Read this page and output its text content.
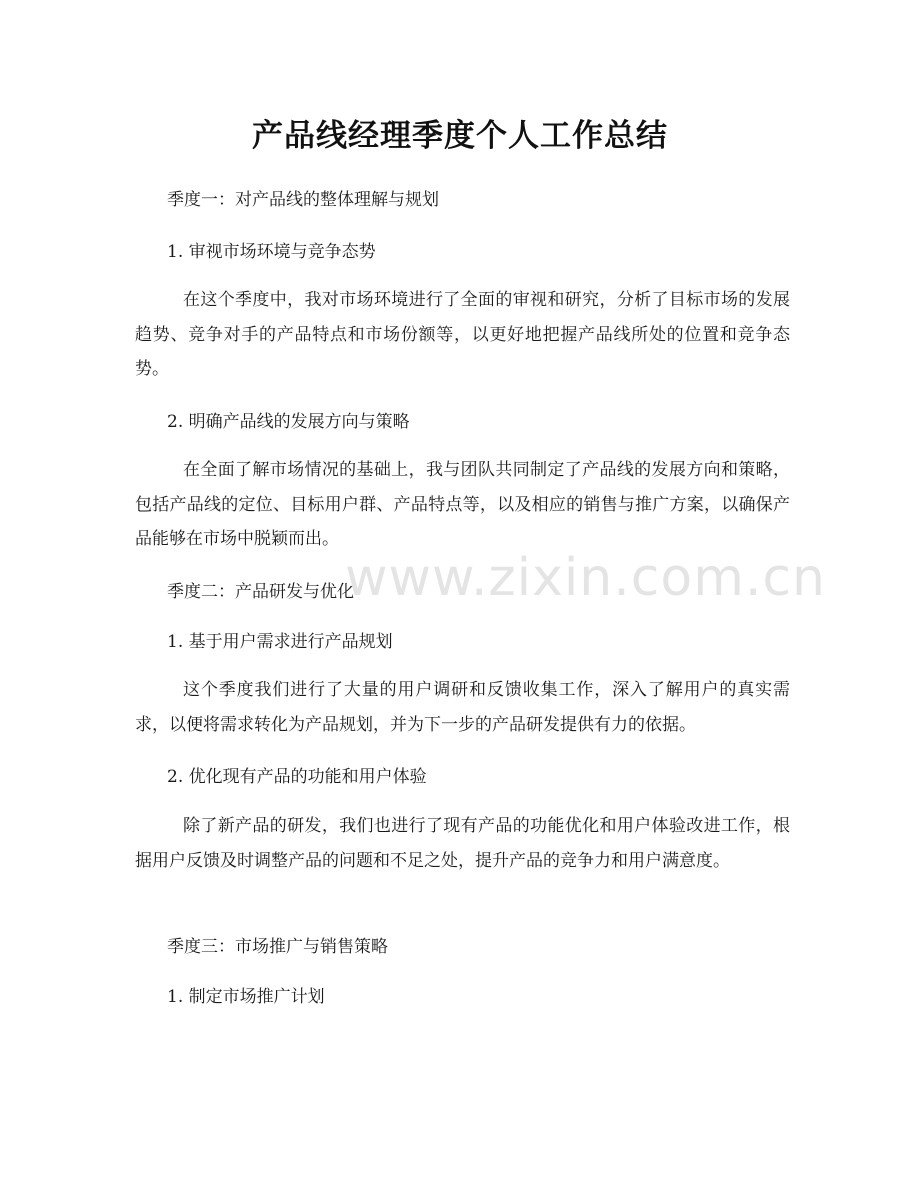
www.zixin.com.cn
产品线经理季度个人工作总结

季度一：对产品线的整体理解与规划

1. 审视市场环境与竞争态势

在这个季度中，我对市场环境进行了全面的审视和研究，分析了目标市场的发展趋势、竞争对手的产品特点和市场份额等，以更好地把握产品线所处的位置和竞争态势。

2. 明确产品线的发展方向与策略

在全面了解市场情况的基础上，我与团队共同制定了产品线的发展方向和策略，包括产品线的定位、目标用户群、产品特点等，以及相应的销售与推广方案，以确保产品能够在市场中脱颖而出。

季度二：产品研发与优化

1. 基于用户需求进行产品规划

这个季度我们进行了大量的用户调研和反馈收集工作，深入了解用户的真实需求，以便将需求转化为产品规划，并为下一步的产品研发提供有力的依据。

2. 优化现有产品的功能和用户体验

除了新产品的研发，我们也进行了现有产品的功能优化和用户体验改进工作，根据用户反馈及时调整产品的问题和不足之处，提升产品的竞争力和用户满意度。

季度三：市场推广与销售策略

1. 制定市场推广计划
